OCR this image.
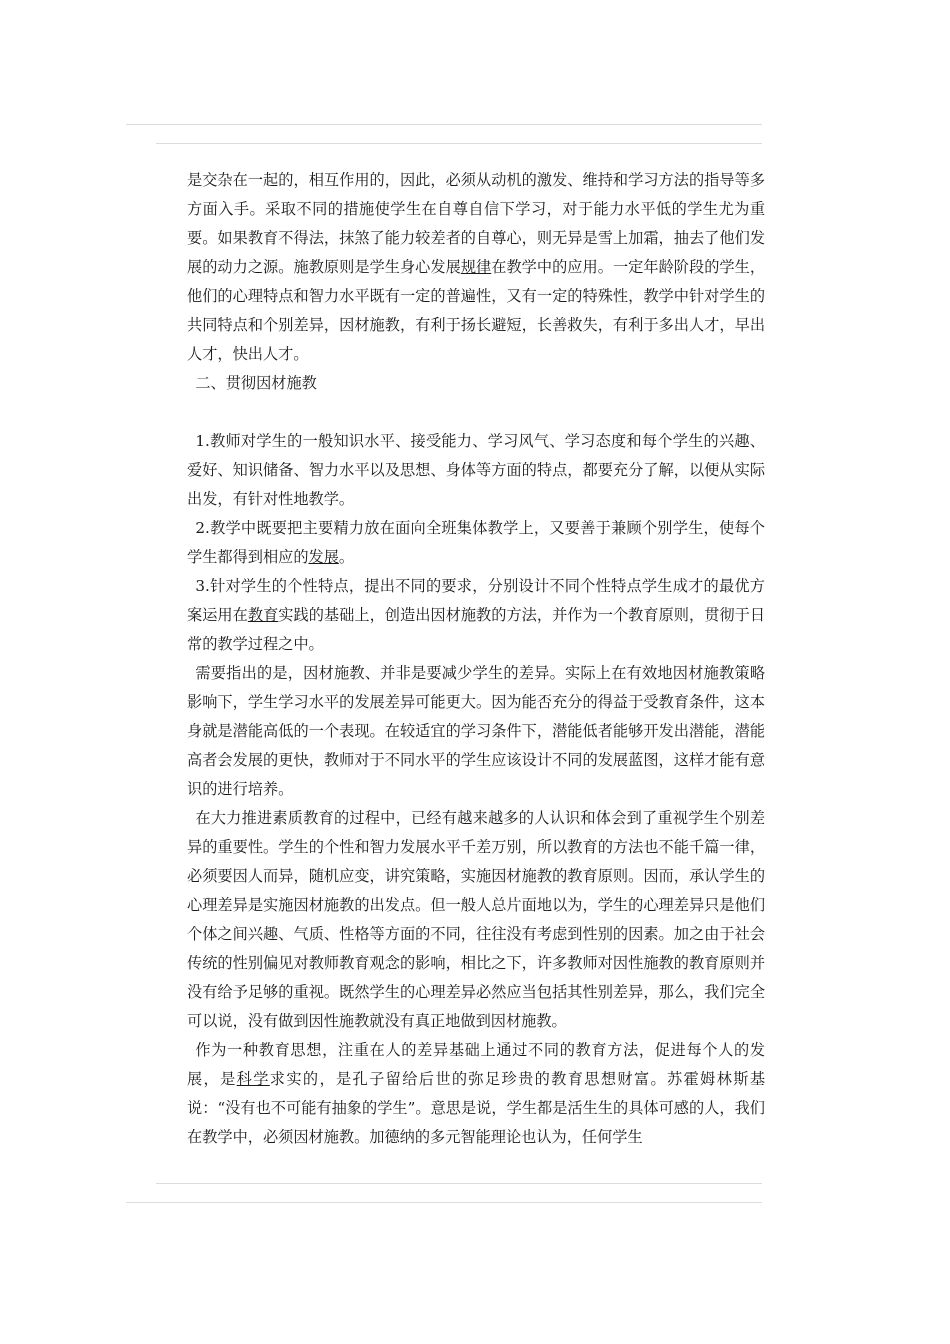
是交杂在一起的，相互作用的，因此，必须从动机的激发、维持和学习方法的指导等多方面入手。采取不同的措施使学生在自尊自信下学习，对于能力水平低的学生尤为重要。如果教育不得法，抹煞了能力较差者的自尊心，则无异是雪上加霜，抽去了他们发展的动力之源。施教原则是学生身心发展规律在教学中的应用。一定年龄阶段的学生，他们的心理特点和智力水平既有一定的普遍性，又有一定的特殊性，教学中针对学生的共同特点和个别差异，因材施教，有利于扬长避短，长善救失，有利于多出人才，早出人才，快出人才。

二、贯彻因材施教

1.教师对学生的一般知识水平、接受能力、学习风气、学习态度和每个学生的兴趣、爱好、知识储备、智力水平以及思想、身体等方面的特点，都要充分了解，以便从实际出发，有针对性地教学。

2.教学中既要把主要精力放在面向全班集体教学上，又要善于兼顾个别学生，使每个学生都得到相应的发展。

3.针对学生的个性特点，提出不同的要求，分别设计不同个性特点学生成才的最优方案运用在教育实践的基础上，创造出因材施教的方法，并作为一个教育原则，贯彻于日常的教学过程之中。

需要指出的是，因材施教、并非是要减少学生的差异。实际上在有效地因材施教策略影响下，学生学习水平的发展差异可能更大。因为能否充分的得益于受教育条件，这本身就是潜能高低的一个表现。在较适宜的学习条件下，潜能低者能够开发出潜能，潜能高者会发展的更快，教师对于不同水平的学生应该设计不同的发展蓝图，这样才能有意识的进行培养。

在大力推进素质教育的过程中，已经有越来越多的人认识和体会到了重视学生个别差异的重要性。学生的个性和智力发展水平千差万别，所以教育的方法也不能千篇一律，必须要因人而异，随机应变，讲究策略，实施因材施教的教育原则。因而，承认学生的心理差异是实施因材施教的出发点。但一般人总片面地以为，学生的心理差异只是他们个体之间兴趣、气质、性格等方面的不同，往往没有考虑到性别的因素。加之由于社会传统的性别偏见对教师教育观念的影响，相比之下，许多教师对因性施教的教育原则并没有给予足够的重视。既然学生的心理差异必然应当包括其性别差异，那么，我们完全可以说，没有做到因性施教就没有真正地做到因材施教。

作为一种教育思想，注重在人的差异基础上通过不同的教育方法，促进每个人的发展，是科学求实的，是孔子留给后世的弥足珍贵的教育思想财富。苏霍姆林斯基说：“没有也不可能有抽象的学生”。意思是说，学生都是活生生的具体可感的人，我们在教学中，必须因材施教。加德纳的多元智能理论也认为，任何学生
